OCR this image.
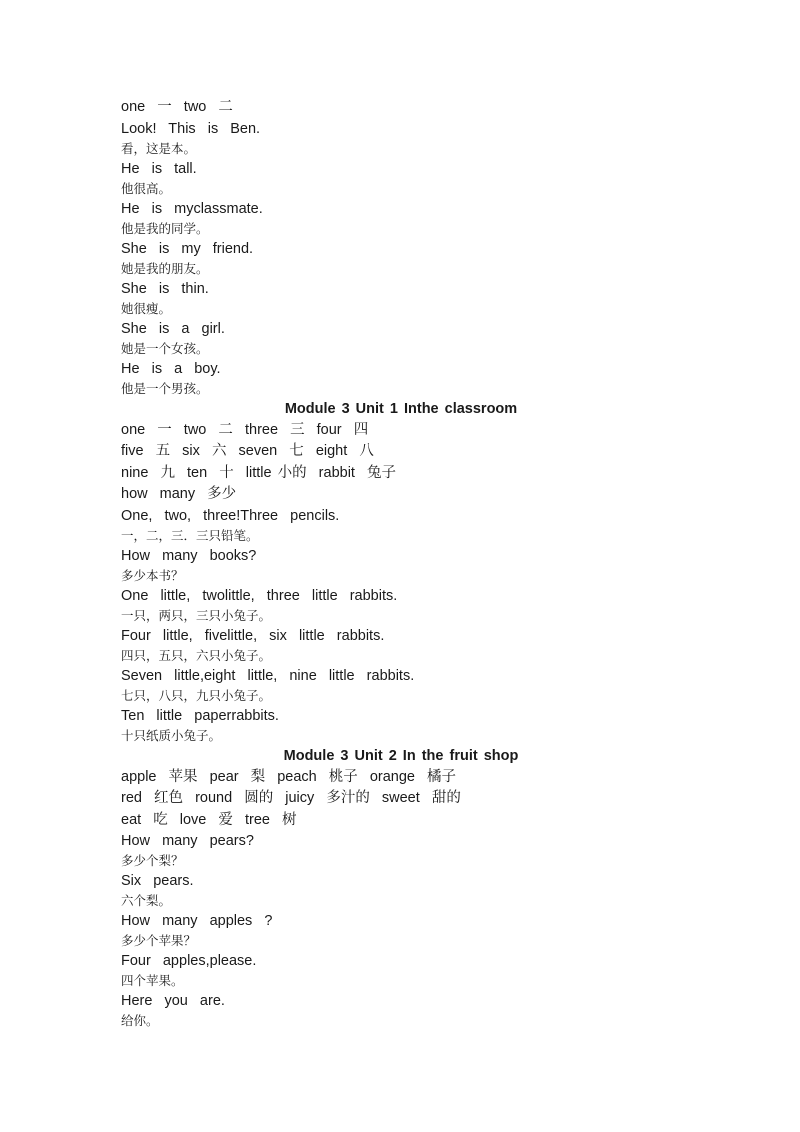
one  一  two  二
Look!  This  is  Ben.
看，这是本。
He  is  tall.
他很高。
He  is  myclassmate.
他是我的同学。
She  is  my  friend.
她是我的朋友。
She  is  thin.
她很瘦。
She  is  a  girl.
她是一个女孩。
He  is  a  boy.
他是一个男孩。
Module 3 Unit 1 Inthe classroom
one  一  two  二  three  三  four  四
five  五  six  六  seven  七  eight  八
nine  九  ten  十  little 小的  rabbit  兔子
how  many  多少
One,  two,  three!Three  pencils.
一，二，三．三只铅笔。
How  many  books?
多少本书？
One  little,  twolittle,  three  little  rabbits.
一只，两只，三只小兔子。
Four  little,  fivelittle,  six  little  rabbits.
四只，五只，六只小兔子。
Seven  little,eight  little,  nine  little  rabbits.
七只，八只，九只小兔子。
Ten  little  paperrabbits.
十只纸质小兔子。
Module 3 Unit 2 In the fruit shop
apple  苹果  pear  梨  peach  桃子  orange  橘子
red  红色  round  圆的  juicy  多汁的  sweet  甜的
eat  吃  love  爱  tree  树
How  many  pears?
多少个梨？
Six  pears.
六个梨。
How  many  apples  ?
多少个苹果？
Four  apples,please.
四个苹果。
Here  you  are.
给你。
